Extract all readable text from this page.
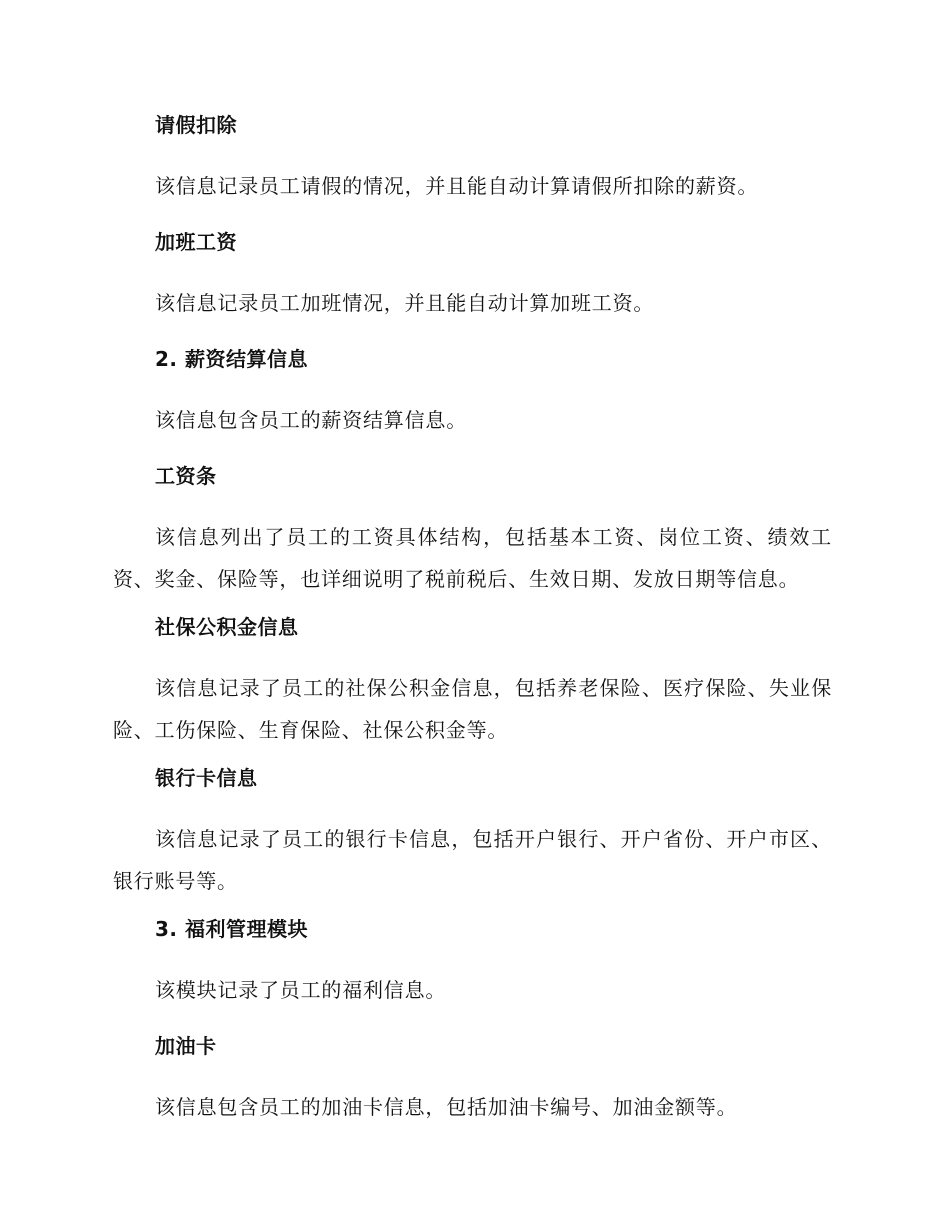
请假扣除

该信息记录员工请假的情况，并且能自动计算请假所扣除的薪资。

加班工资

该信息记录员工加班情况，并且能自动计算加班工资。

2. 薪资结算信息

该信息包含员工的薪资结算信息。

工资条

该信息列出了员工的工资具体结构，包括基本工资、岗位工资、绩效工资、奖金、保险等，也详细说明了税前税后、生效日期、发放日期等信息。

社保公积金信息

该信息记录了员工的社保公积金信息，包括养老保险、医疗保险、失业保险、工伤保险、生育保险、社保公积金等。

银行卡信息

该信息记录了员工的银行卡信息，包括开户银行、开户省份、开户市区、银行账号等。

3. 福利管理模块

该模块记录了员工的福利信息。

加油卡

该信息包含员工的加油卡信息，包括加油卡编号、加油金额等。
